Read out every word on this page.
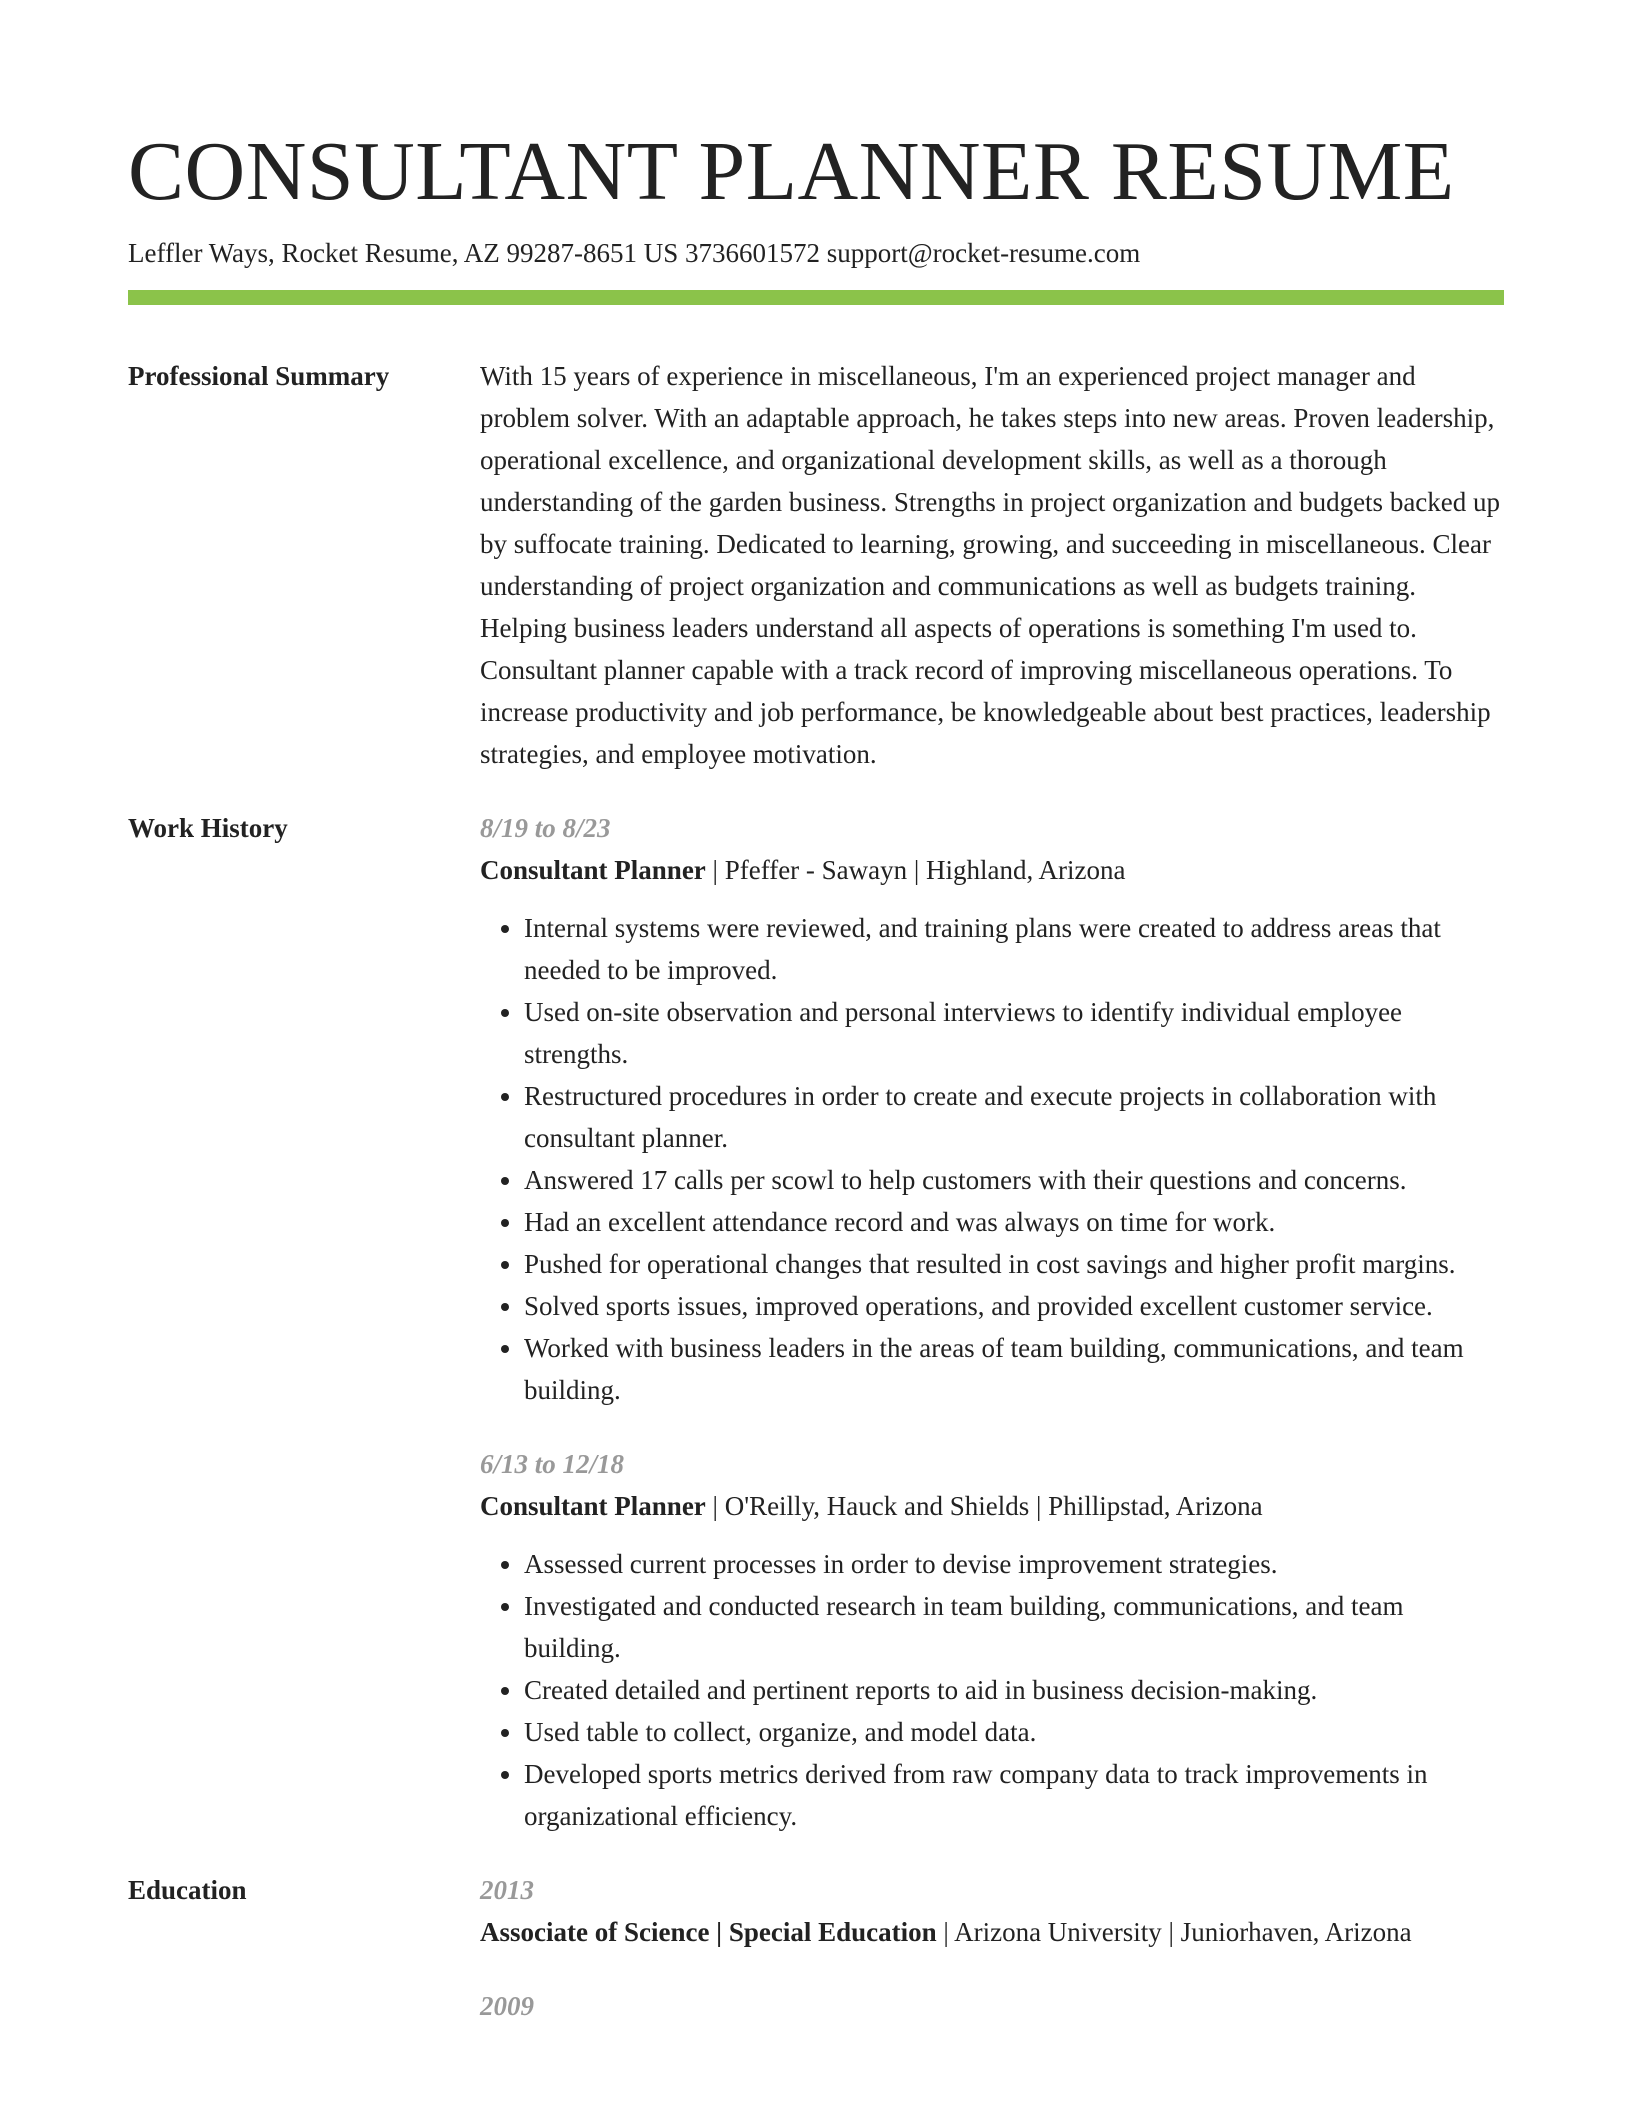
CONSULTANT PLANNER RESUME
Leffler Ways, Rocket Resume, AZ 99287-8651 US 3736601572 support@rocket-resume.com
Professional Summary	With 15 years of experience in miscellaneous, I'm an experienced project manager and problem solver. With an adaptable approach, he takes steps into new areas. Proven leadership, operational excellence, and organizational development skills, as well as a thorough understanding of the garden business. Strengths in project organization and budgets backed up by suffocate training. Dedicated to learning, growing, and succeeding in miscellaneous. Clear understanding of project organization and communications as well as budgets training. Helping business leaders understand all aspects of operations is something I'm used to. Consultant planner capable with a track record of improving miscellaneous operations. To increase productivity and job performance, be knowledgeable about best practices, leadership strategies, and employee motivation.

Work History	8/19 to 8/23
Consultant Planner | Pfeffer - Sawayn | Highland, Arizona
• Internal systems were reviewed, and training plans were created to address areas that needed to be improved.
• Used on-site observation and personal interviews to identify individual employee strengths.
• Restructured procedures in order to create and execute projects in collaboration with consultant planner.
• Answered 17 calls per scowl to help customers with their questions and concerns.
• Had an excellent attendance record and was always on time for work.
• Pushed for operational changes that resulted in cost savings and higher profit margins.
• Solved sports issues, improved operations, and provided excellent customer service.
• Worked with business leaders in the areas of team building, communications, and team building.
6/13 to 12/18
Consultant Planner | O'Reilly, Hauck and Shields | Phillipstad, Arizona
• Assessed current processes in order to devise improvement strategies.
• Investigated and conducted research in team building, communications, and team building.
• Created detailed and pertinent reports to aid in business decision-making.
• Used table to collect, organize, and model data.
• Developed sports metrics derived from raw company data to track improvements in organizational efficiency.
Education	2013
Associate of Science | Special Education | Arizona University | Juniorhaven, Arizona
2009
